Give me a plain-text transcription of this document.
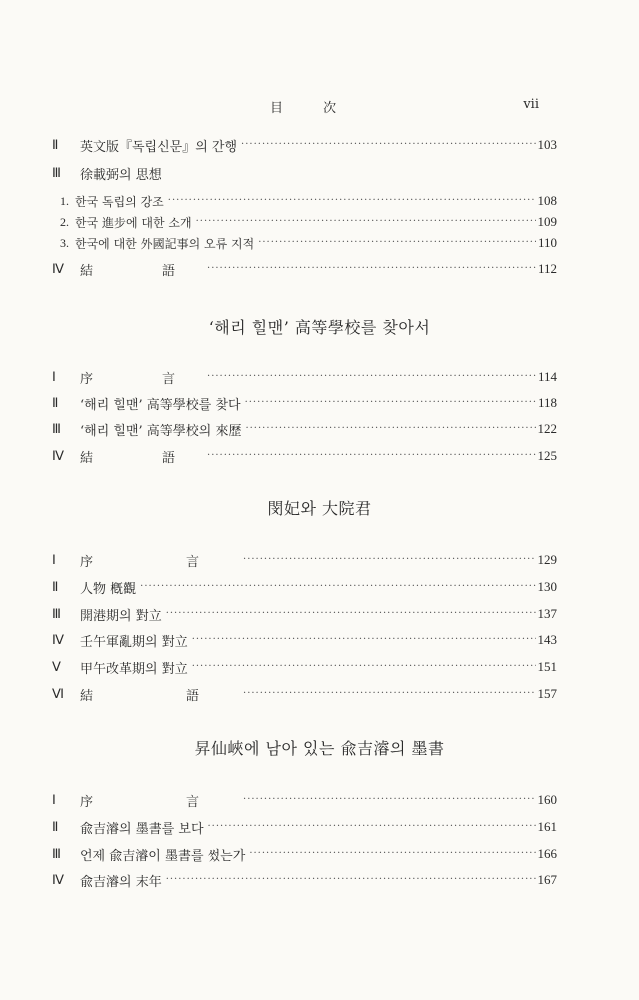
目 次	vii
Ⅱ	英文版『독립신문』의 간행 ·····	103
Ⅲ	徐載弼의 思想
1. 한국 독립의 강조 ·····	108
2. 한국 進步에 대한 소개 ·····	109
3. 한국에 대한 外國記事의 오류 지적 ·····	110
Ⅳ	結　語 ·····	112
‘해리 힐맨’ 高等學校를 찾아서
Ⅰ	序　言 ·····	114
Ⅱ	‘해리 힐맨’ 高等學校를 찾다 ·····	118
Ⅲ	‘해리 힐맨’ 高等學校의 來歷 ·····	122
Ⅳ	結　語 ·····	125
閔妃와 大院君
Ⅰ	序　言 ·····	129
Ⅱ	人物 槪觀 ·····	130
Ⅲ	開港期의 對立 ·····	137
Ⅳ	壬午軍亂期의 對立 ·····	143
Ⅴ	甲午改革期의 對立 ·····	151
Ⅵ	結　語 ·····	157
昇仙峽에 남아 있는 兪吉濬의 墨書
Ⅰ	序　言 ·····	160
Ⅱ	兪吉濬의 墨書를 보다 ·····	161
Ⅲ	언제 兪吉濬이 墨書를 썼는가 ·····	166
Ⅳ	兪吉濬의 末年 ·····	167
